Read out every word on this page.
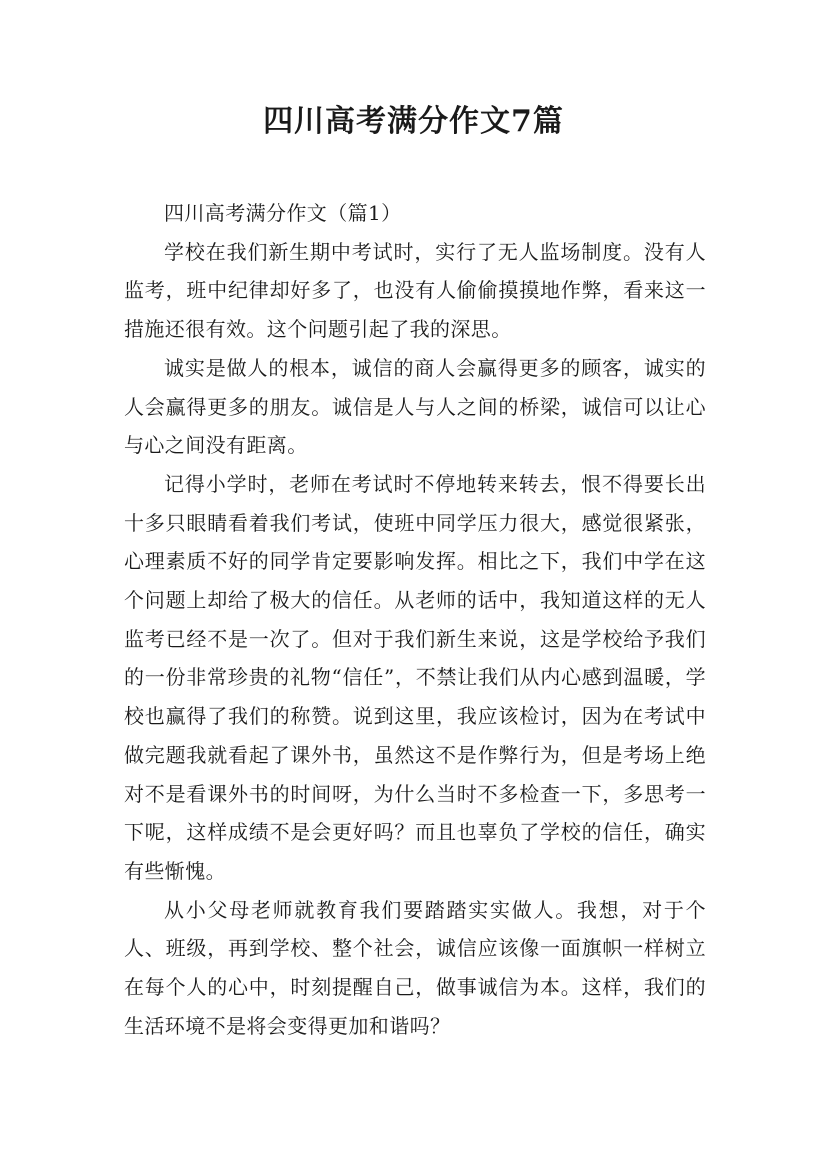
四川高考满分作文7篇

四川高考满分作文（篇1）

学校在我们新生期中考试时，实行了无人监场制度。没有人监考，班中纪律却好多了，也没有人偷偷摸摸地作弊，看来这一措施还很有效。这个问题引起了我的深思。

诚实是做人的根本，诚信的商人会赢得更多的顾客，诚实的人会赢得更多的朋友。诚信是人与人之间的桥梁，诚信可以让心与心之间没有距离。

记得小学时，老师在考试时不停地转来转去，恨不得要长出十多只眼睛看着我们考试，使班中同学压力很大，感觉很紧张，心理素质不好的同学肯定要影响发挥。相比之下，我们中学在这个问题上却给了极大的信任。从老师的话中，我知道这样的无人监考已经不是一次了。但对于我们新生来说，这是学校给予我们的一份非常珍贵的礼物“信任”，不禁让我们从内心感到温暖，学校也赢得了我们的称赞。说到这里，我应该检讨，因为在考试中做完题我就看起了课外书，虽然这不是作弊行为，但是考场上绝对不是看课外书的时间呀，为什么当时不多检查一下，多思考一下呢，这样成绩不是会更好吗？而且也辜负了学校的信任，确实有些惭愧。

从小父母老师就教育我们要踏踏实实做人。我想，对于个人、班级，再到学校、整个社会，诚信应该像一面旗帜一样树立在每个人的心中，时刻提醒自己，做事诚信为本。这样，我们的生活环境不是将会变得更加和谐吗？
